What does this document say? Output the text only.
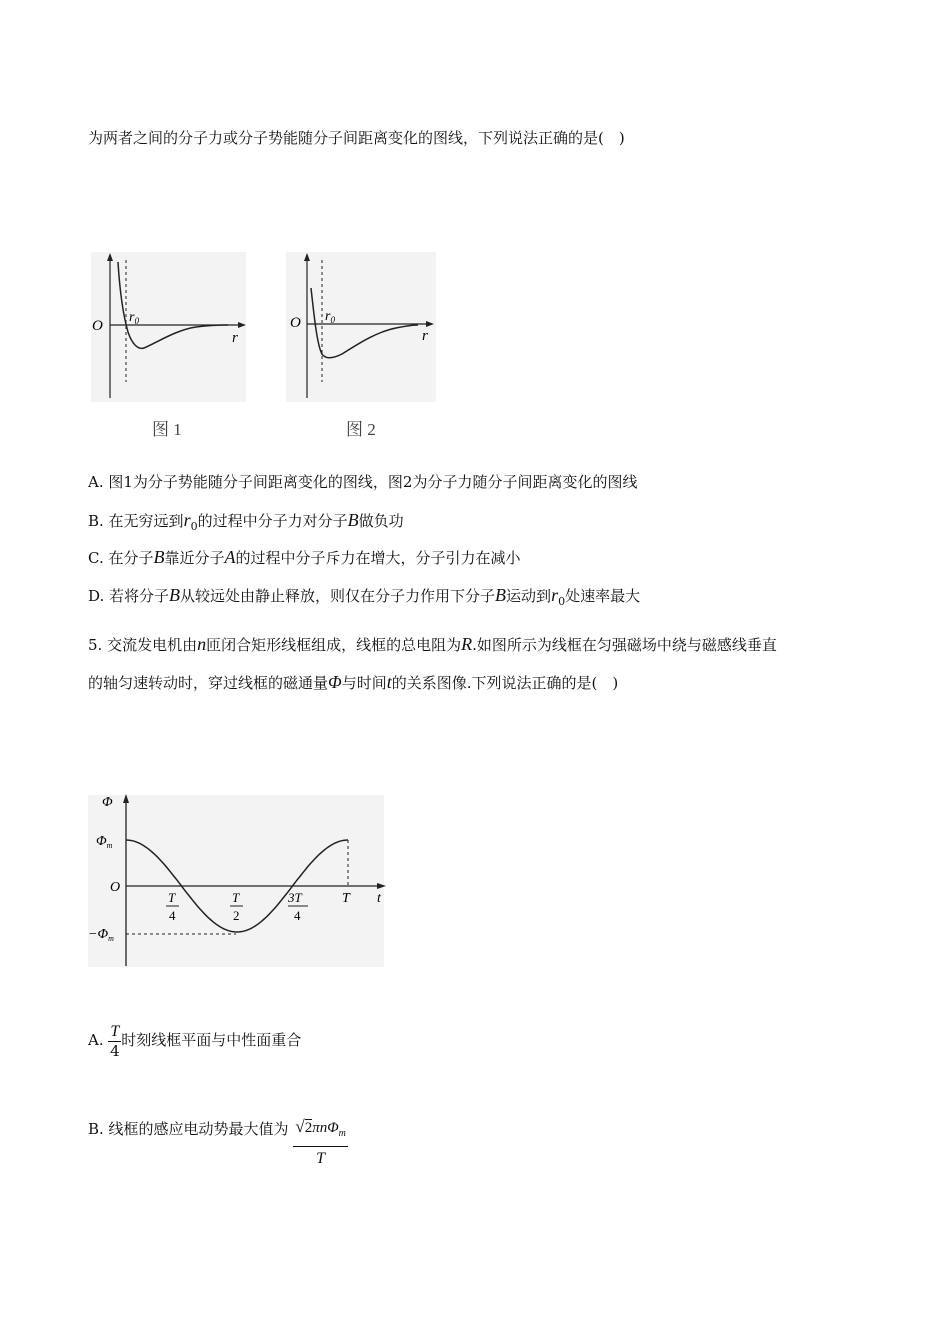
为两者之间的分子力或分子势能随分子间距离变化的图线，下列说法正确的是(　)
O
$r_0$
r
O $r_0$
r
图 1	图 2
A. 图1为分子势能随分子间距离变化的图线，图2为分子力随分子间距离变化的图线
B. 在无穷远到$r_0$的过程中分子力对分子B做负功
C. 在分子B靠近分子A的过程中分子斥力在增大，分子引力在减小
D. 若将分子B从较远处由静止释放，则仅在分子力作用下分子B运动到$r_0$处速率最大
5. 交流发电机由n匝闭合矩形线框组成，线框的总电阻为R.如图所示为线框在匀强磁场中绕与磁感线垂直
的轴匀速转动时，穿过线框的磁通量Φ与时间t的关系图像.下列说法正确的是(　)
Φ
$\Phi_m$
O
$-\Phi_m$
t
T
4
T
2
3T
4
T
A. $\frac{T}{4}$ 时刻线框平面与中性面重合
B. 线框的感应电动势最大值为 $\frac{√2\pi n\Phi_m}{T}$
